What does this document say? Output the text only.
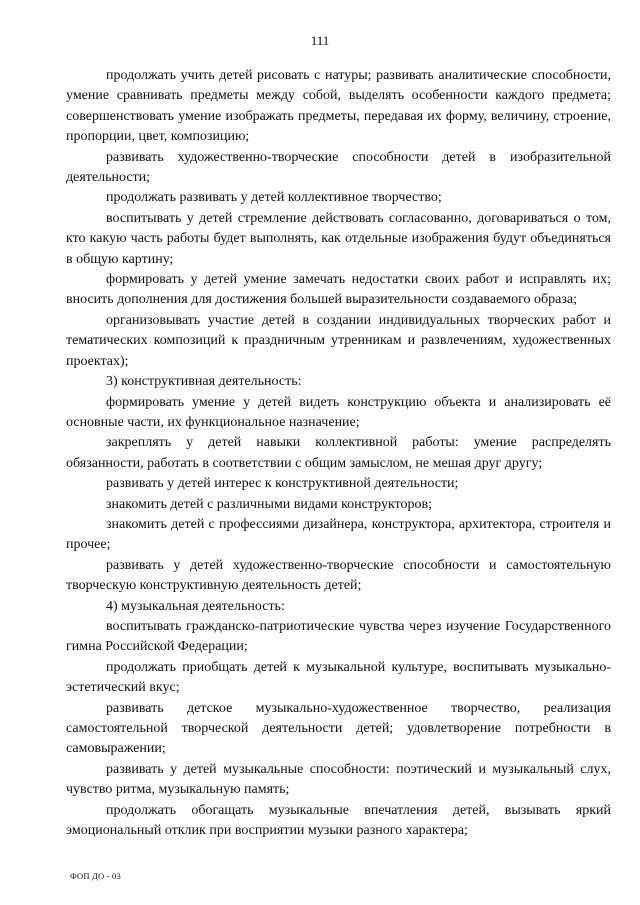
111

продолжать учить детей рисовать с натуры; развивать аналитические способности, умение сравнивать предметы между собой, выделять особенности каждого предмета; совершенствовать умение изображать предметы, передавая их форму, величину, строение, пропорции, цвет, композицию;

развивать художественно-творческие способности детей в изобразительной деятельности;

продолжать развивать у детей коллективное творчество;

воспитывать у детей стремление действовать согласованно, договариваться о том, кто какую часть работы будет выполнять, как отдельные изображения будут объединяться в общую картину;

формировать у детей умение замечать недостатки своих работ и исправлять их; вносить дополнения для достижения большей выразительности создаваемого образа;

организовывать участие детей в создании индивидуальных творческих работ и тематических композиций к праздничным утренникам и развлечениям, художественных проектах);

3) конструктивная деятельность:

формировать умение у детей видеть конструкцию объекта и анализировать её основные части, их функциональное назначение;

закреплять у детей навыки коллективной работы: умение распределять обязанности, работать в соответствии с общим замыслом, не мешая друг другу;

развивать у детей интерес к конструктивной деятельности;

знакомить детей с различными видами конструкторов;

знакомить детей с профессиями дизайнера, конструктора, архитектора, строителя и прочее;

развивать у детей художественно-творческие способности и самостоятельную творческую конструктивную деятельность детей;

4) музыкальная деятельность:

воспитывать гражданско-патриотические чувства через изучение Государственного гимна Российской Федерации;

продолжать приобщать детей к музыкальной культуре, воспитывать музыкально-эстетический вкус;

развивать детское музыкально-художественное творчество, реализация самостоятельной творческой деятельности детей; удовлетворение потребности в самовыражении;

развивать у детей музыкальные способности: поэтический и музыкальный слух, чувство ритма, музыкальную память;

продолжать обогащать музыкальные впечатления детей, вызывать яркий эмоциональный отклик при восприятии музыки разного характера;

ФОП ДО - 03
